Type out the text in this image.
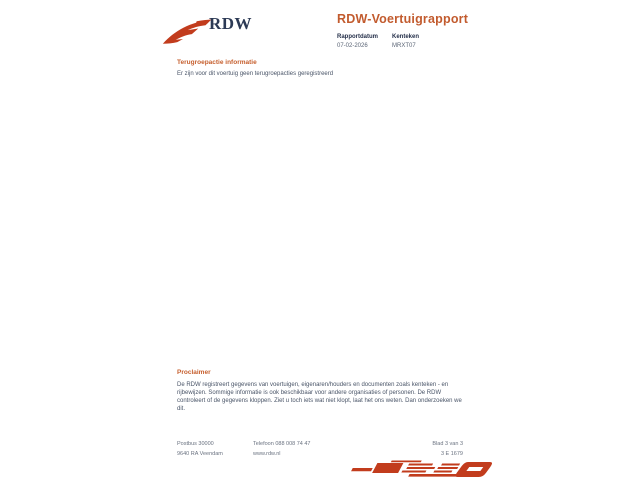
RDW	RDW-Voertuigrapport
Rapportdatum
07-02-2026
Kenteken
MRXT07
Terugroepactie informatie
Er zijn voor dit voertuig geen terugroepacties geregistreerd
Proclaimer
De RDW registreert gegevens van voertuigen, eigenaren/houders en documenten zoals kenteken - en rijbewijzen. Sommige informatie is ook beschikbaar voor andere organisaties of personen. De RDW controleert of de gegevens kloppen. Ziet u toch iets wat niet klopt, laat het ons weten. Dan onderzoeken we dit.
Postbus 30000
9640 RA Veendam
Telefoon 088 008 74 47
www.rdw.nl
Blad 3 van 3
3 E 1679
